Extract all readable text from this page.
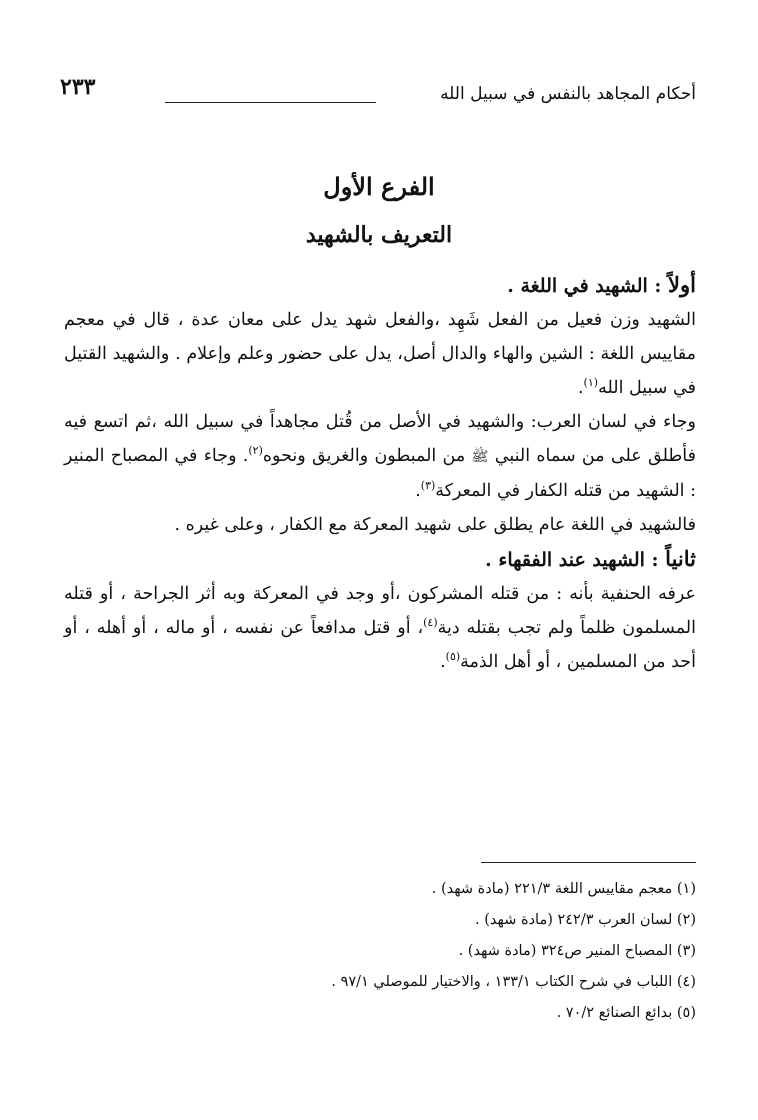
أحكام المجاهد بالنفس في سبيل الله
٢٣٣
الفرع الأول
التعريف بالشهيد

أولاً : الشهيد في اللغة .

الشهيد وزن فعيل من الفعل شَهِد ،والفعل شهد يدل على معان عدة ، قال في معجم مقاييس اللغة : الشين والهاء والدال أصل، يدل على حضور وعلم وإعلام . والشهيد القتيل في سبيل الله$^{(١)}$.

وجاء في لسان العرب: والشهيد في الأصل من قُتل مجاهداً في سبيل الله ،ثم اتسع فيه فأطلق على من سماه النبي ﷺ من المبطون والغريق ونحوه$^{(٢)}$. وجاء في المصباح المنير : الشهيد من قتله الكفار في المعركة$^{(٣)}$.

فالشهيد في اللغة عام يطلق على شهيد المعركة مع الكفار ، وعلى غيره .

ثانياً : الشهيد عند الفقهاء .

عرفه الحنفية بأنه : من قتله المشركون ،أو وجد في المعركة وبه أثر الجراحة ، أو قتله المسلمون ظلماً ولم تجب بقتله دية$^{(٤)}$، أو قتل مدافعاً عن نفسه ، أو ماله ، أو أهله ، أو أحد من المسلمين ، أو أهل الذمة$^{(٥)}$.

(١) معجم مقاييس اللغة ٢٢١/٣ (مادة شهد) .
(٢) لسان العرب ٢٤٢/٣ (مادة شهد) .
(٣) المصباح المنير ص٣٢٤ (مادة شهد) .
(٤) اللباب في شرح الكتاب ١٣٣/١ ، والاختيار للموصلي ٩٧/١ .
(٥) بدائع الصنائع ٧٠/٢ .
